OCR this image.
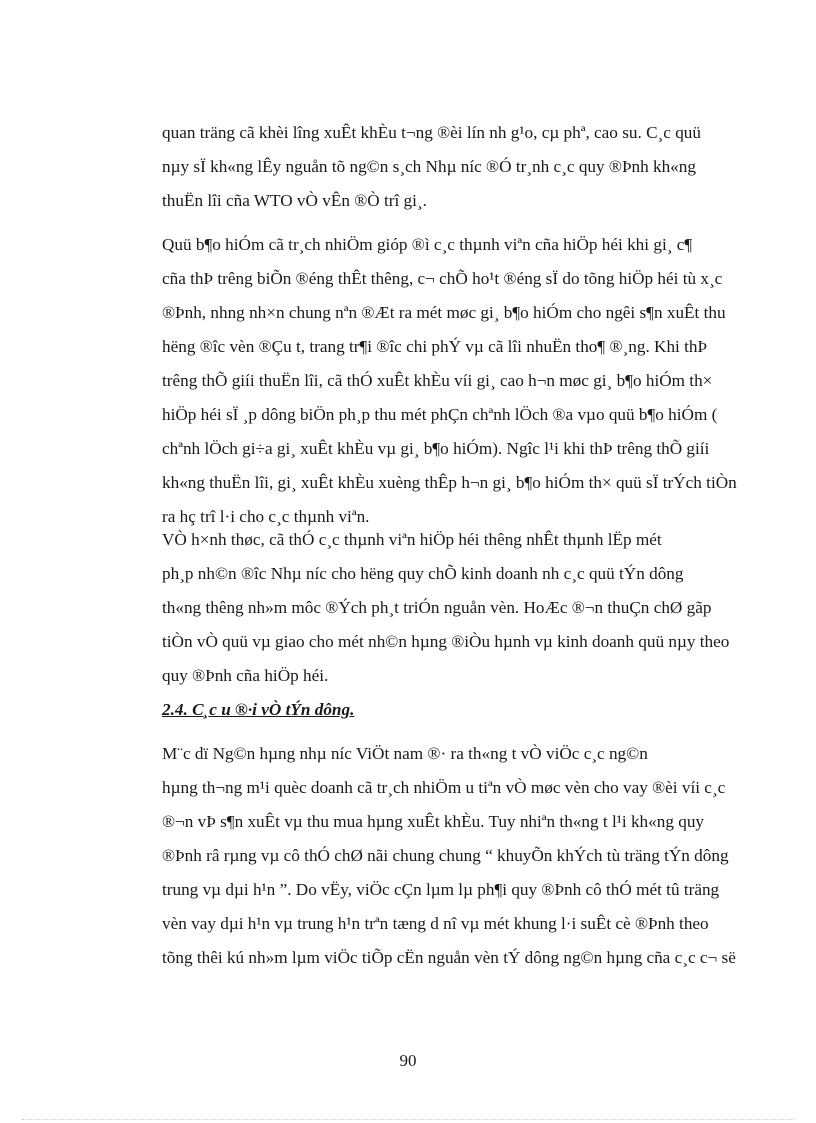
quan träng cã khèi lîng xuÊt khÈu t¬ng ®èi lín nh g¹o, cµ phª, cao su. C¸c quü
nµy sÏ kh«ng lÊy nguån tõ ng©n s¸ch Nhµ níc ®Ó tr¸nh c¸c quy ®Þnh kh«ng
thuËn lîi cña WTO vÒ vÊn ®Ò trî gi¸.
Quü b¶o hiÓm cã tr¸ch nhiÖm gióp ®ì c¸c thµnh viªn cña hiÖp héi khi gi¸ c¶
cña thÞ trêng biÕn ®éng thÊt thêng, c¬ chÕ ho¹t ®éng sÏ do tõng hiÖp héi tù x¸c
®Þnh, nhng nh×n chung nªn ®Æt ra mét møc gi¸ b¶o hiÓm cho ngêi s¶n xuÊt thu
hëng ®îc vèn ®Çu t, trang tr¶i ®îc chi phÝ vµ cã lîi nhuËn tho¶ ®¸ng. Khi thÞ
trêng thÕ giíi thuËn lîi, cã thÓ xuÊt khÈu víi gi¸ cao h¬n møc gi¸ b¶o hiÓm th×
hiÖp héi sÏ ¸p dông biÖn ph¸p thu mét phÇn chªnh lÖch ®a vµo quü b¶o hiÓm (
chªnh lÖch gi÷a gi¸ xuÊt khÈu vµ gi¸ b¶o hiÓm). Ngîc l¹i khi thÞ trêng thÕ giíi
kh«ng thuËn lîi, gi¸ xuÊt khÈu xuèng thÊp h¬n gi¸ b¶o hiÓm th× quü sÏ trÝch tiÒn
ra hç trî l·i cho c¸c thµnh viªn.
VÒ h×nh thøc, cã thÓ c¸c thµnh viªn hiÖp héi thêng nhÊt thµnh lËp mét
ph¸p nh©n ®îc Nhµ níc cho hëng quy chÕ kinh doanh nh c¸c quü tÝn dông
th«ng thêng nh»m môc ®Ých ph¸t triÓn nguån vèn. HoÆc ®¬n thuÇn chØ gãp
tiÒn vÒ quü vµ giao cho mét nh©n hµng ®iÒu hµnh vµ kinh doanh quü nµy theo
quy ®Þnh cña hiÖp héi.
2.4. C¸c u ®·i vÒ tÝn dông.
M¨c dï Ng©n hµng nhµ níc ViÖt nam ®· ra th«ng t vÒ viÖc c¸c ng©n
hµng th¬ng m¹i quèc doanh cã tr¸ch nhiÖm u tiªn vÒ møc vèn cho vay ®èi víi c¸c
®¬n vÞ s¶n xuÊt vµ thu mua hµng xuÊt khÈu. Tuy nhiªn th«ng t l¹i kh«ng quy
®Þnh râ rµng vµ cô thÓ chØ nãi chung chung “ khuyÕn khÝch tù träng tÝn dông
trung vµ dµi h¹n ”. Do vËy, viÖc cÇn lµm lµ ph¶i quy ®Þnh cô thÓ mét tû träng
vèn vay dµi h¹n vµ trung h¹n trªn tæng d nî vµ mét khung l·i suÊt cè ®Þnh theo
tõng thêi kú nh»m lµm viÖc tiÕp cËn nguån vèn tÝ dông ng©n hµng cña c¸c c¬ së
90
